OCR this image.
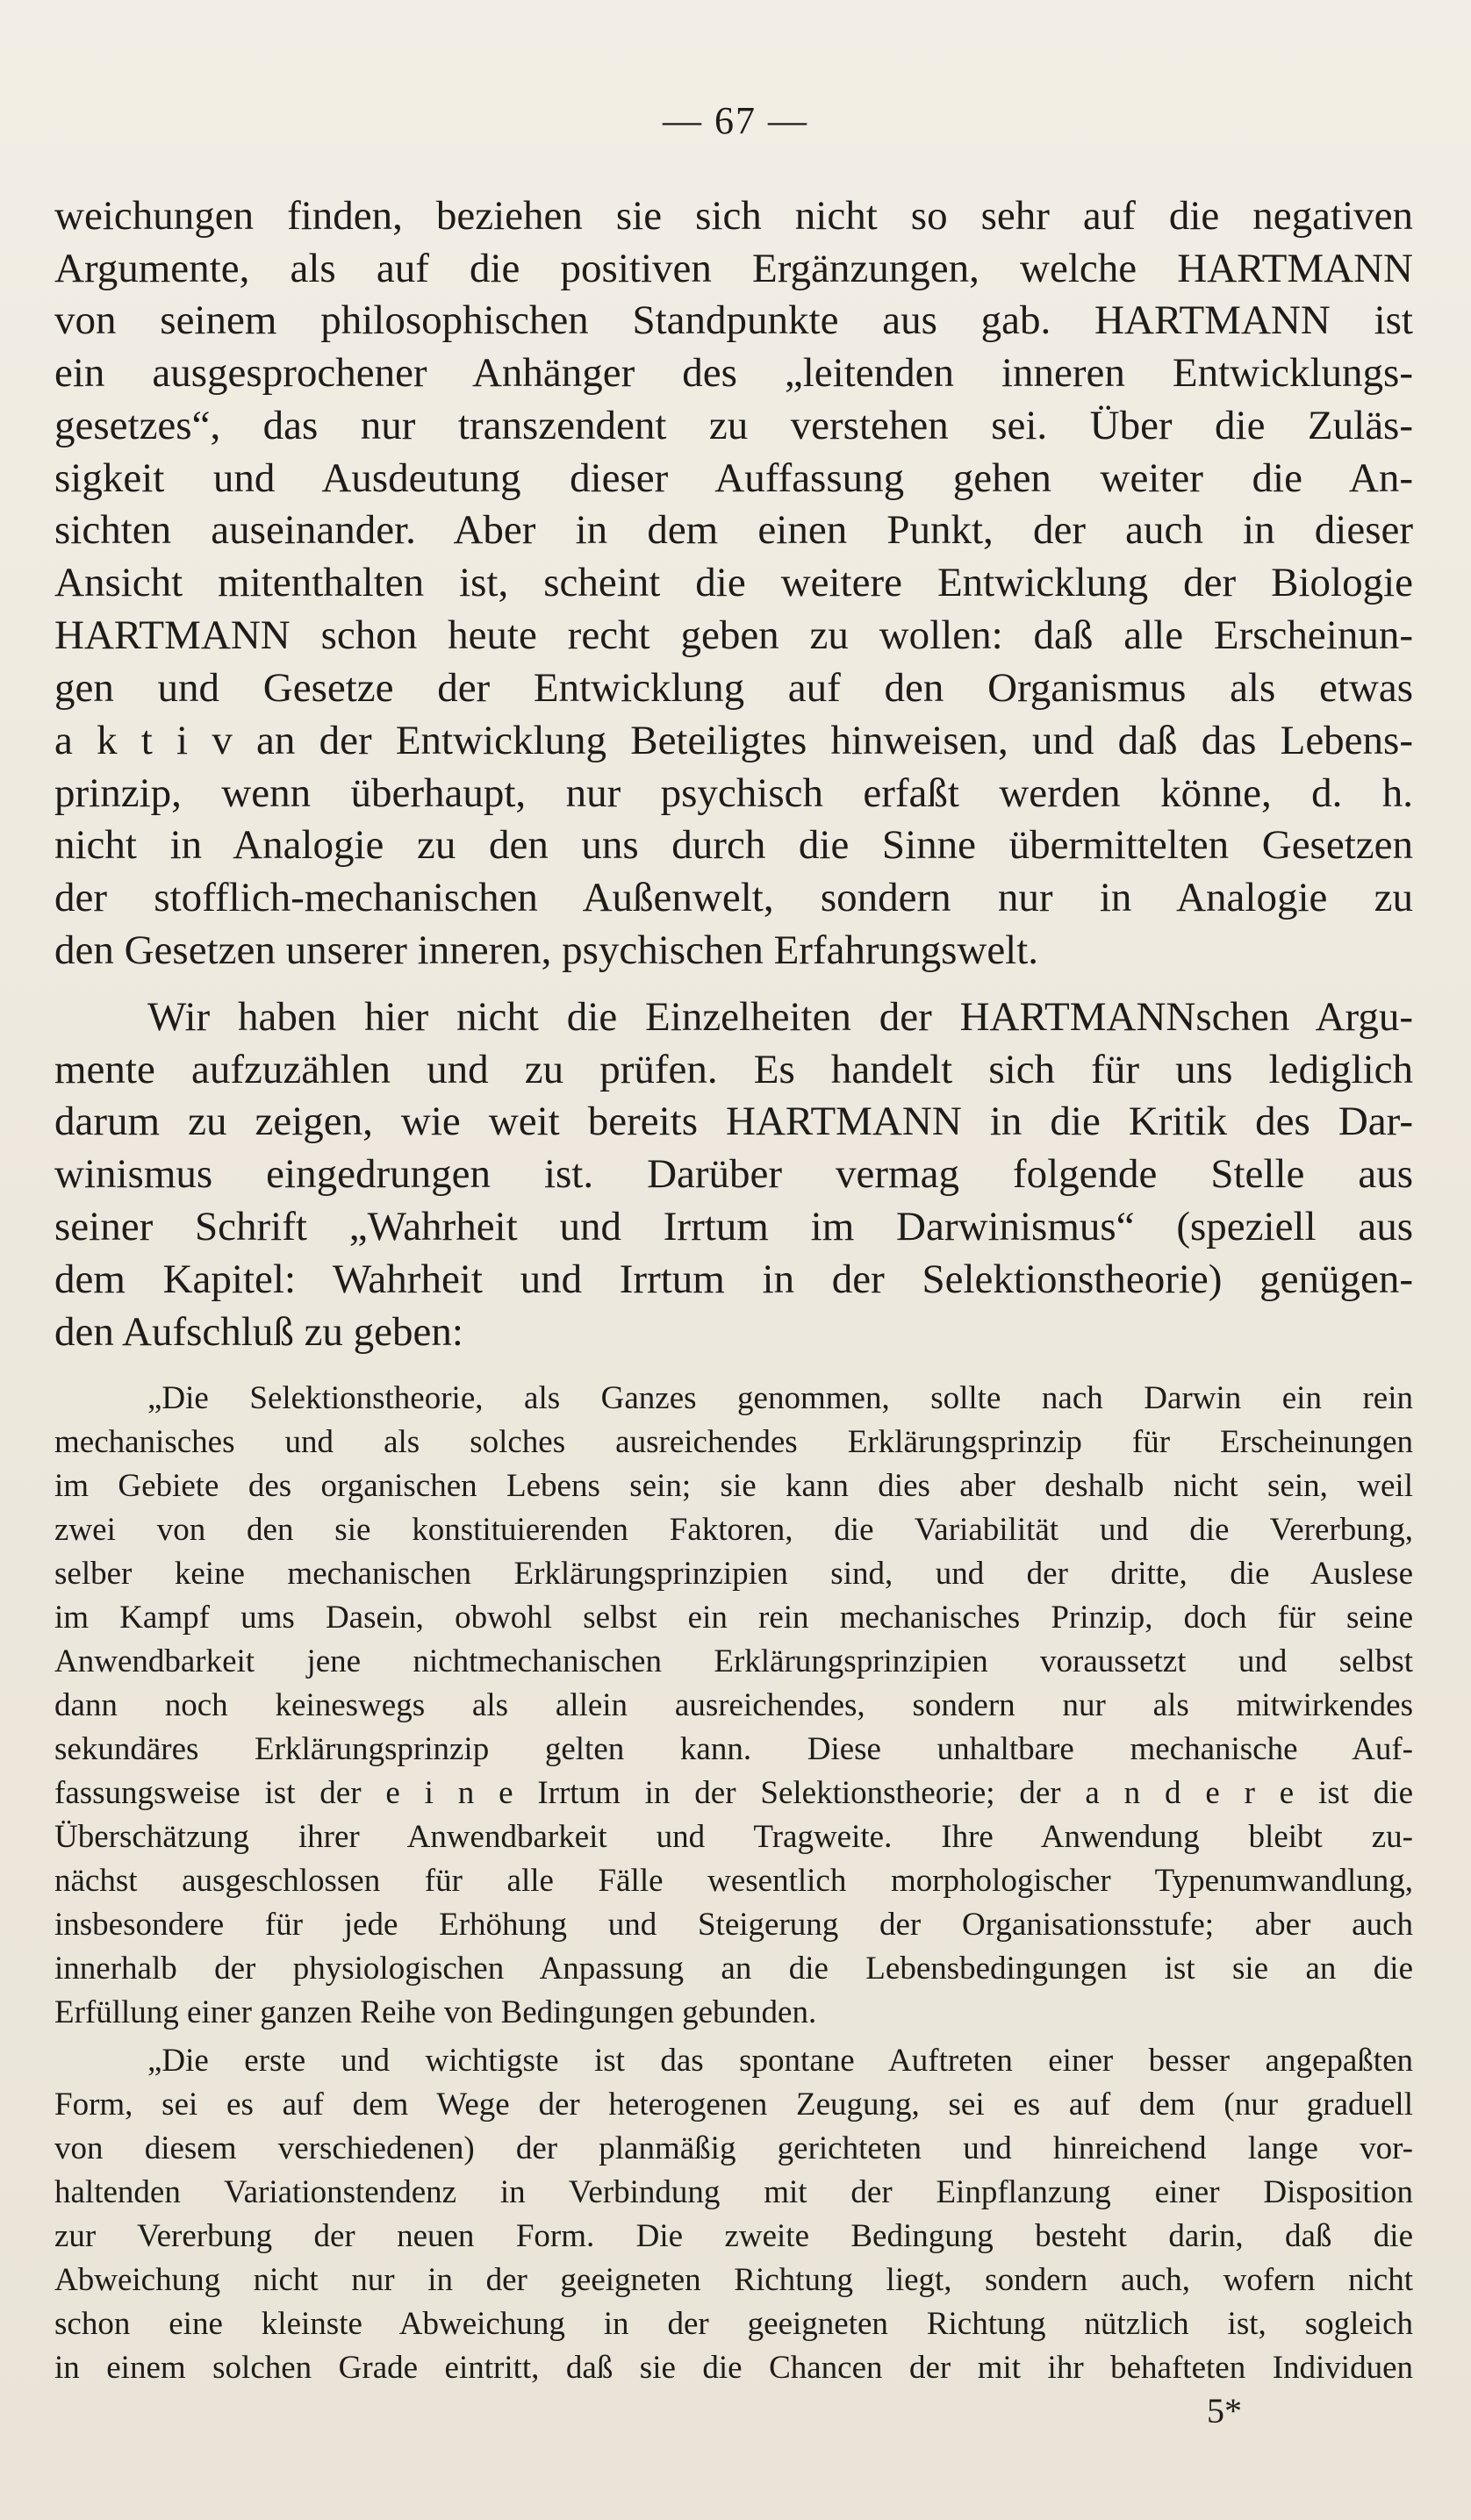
— 67 —
weichungen finden, beziehen sie sich nicht so sehr auf die negativen
Argumente, als auf die positiven Ergänzungen, welche HARTMANN
von seinem philosophischen Standpunkte aus gab. HARTMANN ist
ein ausgesprochener Anhänger des „leitenden inneren Entwicklungs-
gesetzes“, das nur transzendent zu verstehen sei. Über die Zuläs-
sigkeit und Ausdeutung dieser Auffassung gehen weiter die An-
sichten auseinander. Aber in dem einen Punkt, der auch in dieser
Ansicht mitenthalten ist, scheint die weitere Entwicklung der Biologie
HARTMANN schon heute recht geben zu wollen: daß alle Erscheinun-
gen und Gesetze der Entwicklung auf den Organismus als etwas
a k t i v an der Entwicklung Beteiligtes hinweisen, und daß das Lebens-
prinzip, wenn überhaupt, nur psychisch erfaßt werden könne, d. h.
nicht in Analogie zu den uns durch die Sinne übermittelten Gesetzen
der stofflich-mechanischen Außenwelt, sondern nur in Analogie zu
den Gesetzen unserer inneren, psychischen Erfahrungswelt.
Wir haben hier nicht die Einzelheiten der HARTMANNschen Argu-
mente aufzuzählen und zu prüfen. Es handelt sich für uns lediglich
darum zu zeigen, wie weit bereits HARTMANN in die Kritik des Dar-
winismus eingedrungen ist. Darüber vermag folgende Stelle aus
seiner Schrift „Wahrheit und Irrtum im Darwinismus“ (speziell aus
dem Kapitel: Wahrheit und Irrtum in der Selektionstheorie) genügen-
den Aufschluß zu geben:
„Die Selektionstheorie, als Ganzes genommen, sollte nach Darwin ein rein
mechanisches und als solches ausreichendes Erklärungsprinzip für Erscheinungen
im Gebiete des organischen Lebens sein; sie kann dies aber deshalb nicht sein, weil
zwei von den sie konstituierenden Faktoren, die Variabilität und die Vererbung,
selber keine mechanischen Erklärungsprinzipien sind, und der dritte, die Auslese
im Kampf ums Dasein, obwohl selbst ein rein mechanisches Prinzip, doch für seine
Anwendbarkeit jene nichtmechanischen Erklärungsprinzipien voraussetzt und selbst
dann noch keineswegs als allein ausreichendes, sondern nur als mitwirkendes
sekundäres Erklärungsprinzip gelten kann. Diese unhaltbare mechanische Auf-
fassungsweise ist der e i n e Irrtum in der Selektionstheorie; der a n d e r e ist die
Überschätzung ihrer Anwendbarkeit und Tragweite. Ihre Anwendung bleibt zu-
nächst ausgeschlossen für alle Fälle wesentlich morphologischer Typenumwandlung,
insbesondere für jede Erhöhung und Steigerung der Organisationsstufe; aber auch
innerhalb der physiologischen Anpassung an die Lebensbedingungen ist sie an die
Erfüllung einer ganzen Reihe von Bedingungen gebunden.
„Die erste und wichtigste ist das spontane Auftreten einer besser angepaßten
Form, sei es auf dem Wege der heterogenen Zeugung, sei es auf dem (nur graduell
von diesem verschiedenen) der planmäßig gerichteten und hinreichend lange vor-
haltenden Variationstendenz in Verbindung mit der Einpflanzung einer Disposition
zur Vererbung der neuen Form. Die zweite Bedingung besteht darin, daß die
Abweichung nicht nur in der geeigneten Richtung liegt, sondern auch, wofern nicht
schon eine kleinste Abweichung in der geeigneten Richtung nützlich ist, sogleich
in einem solchen Grade eintritt, daß sie die Chancen der mit ihr behafteten Individuen
5*
